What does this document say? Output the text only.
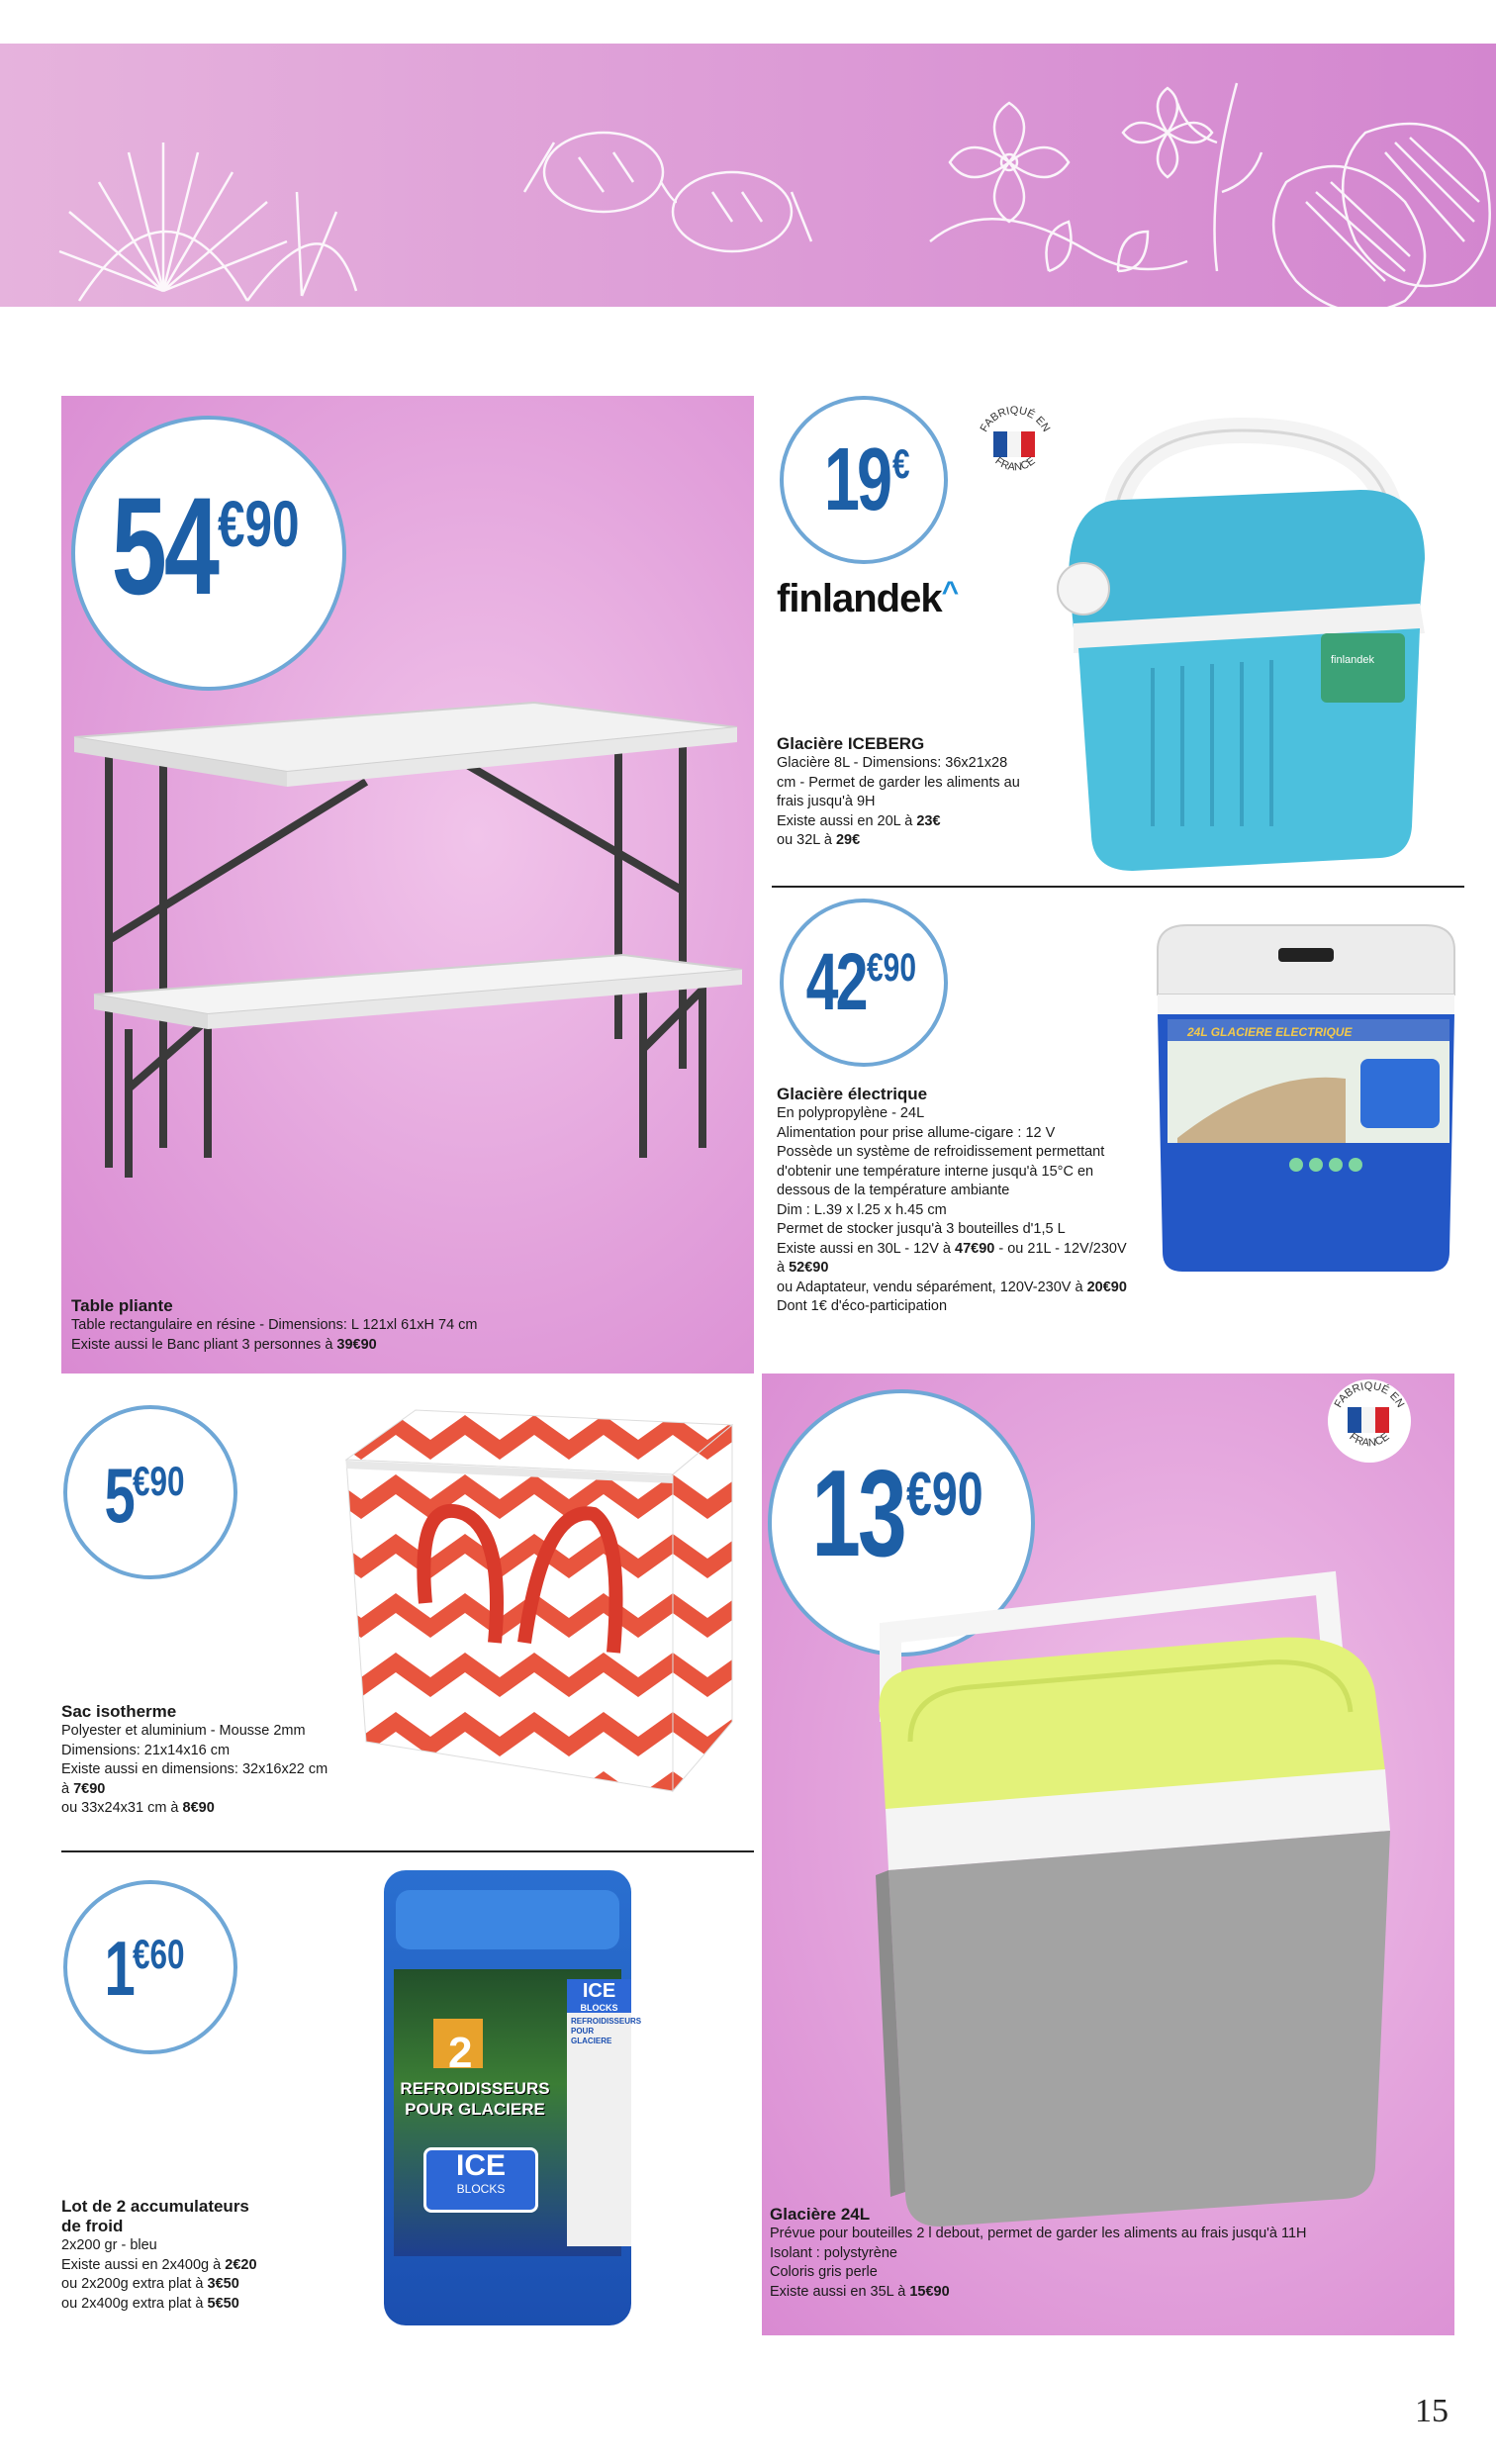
54 €90

Table pliante

Table rectangulaire en résine - Dimensions: L 121xl 61xH 74 cm
Existe aussi le Banc pliant 3 personnes à 39€90

19 €
FABRIQUÉ EN
FRANCE
finlandek^
finlandek

Glacière ICEBERG

Glacière 8L - Dimensions: 36x21x28
cm - Permet de garder les aliments au
frais jusqu'à 9H
Existe aussi en 20L à 23€
ou 32L à 29€

42 €90
24L GLACIERE ELECTRIQUE

Glacière électrique

En polypropylène - 24L
Alimentation pour prise allume-cigare : 12 V
Possède un système de refroidissement permettant
d'obtenir une température interne jusqu'à 15°C en
dessous de la température ambiante
Dim : L.39 x l.25 x h.45 cm
Permet de stocker jusqu'à 3 bouteilles d'1,5 L
Existe aussi en 30L - 12V à 47€90 - ou 21L - 12V/230V
à 52€90
ou Adaptateur, vendu séparément, 120V-230V à 20€90
Dont 1€ d'éco-participation

5 €90

Sac isotherme

Polyester et aluminium - Mousse 2mm
Dimensions: 21x14x16 cm
Existe aussi en dimensions: 32x16x22 cm
à 7€90
ou 33x24x31 cm à 8€90

1 €60
2
REFROIDISSEURS
POUR GLACIERE
ICE
BLOCKS
ICE
BLOCKS
REFROIDISSEURS POUR GLACIERE

Lot de 2 accumulateurs
de froid

2x200 gr - bleu
Existe aussi en 2x400g à 2€20
ou 2x200g extra plat à 3€50
ou 2x400g extra plat à 5€50

13 €90
FABRIQUÉ EN
FRANCE

Glacière 24L

Prévue pour bouteilles 2 l debout, permet de garder les aliments au frais jusqu'à 11H
Isolant : polystyrène
Coloris gris perle
Existe aussi en 35L à 15€90

15
